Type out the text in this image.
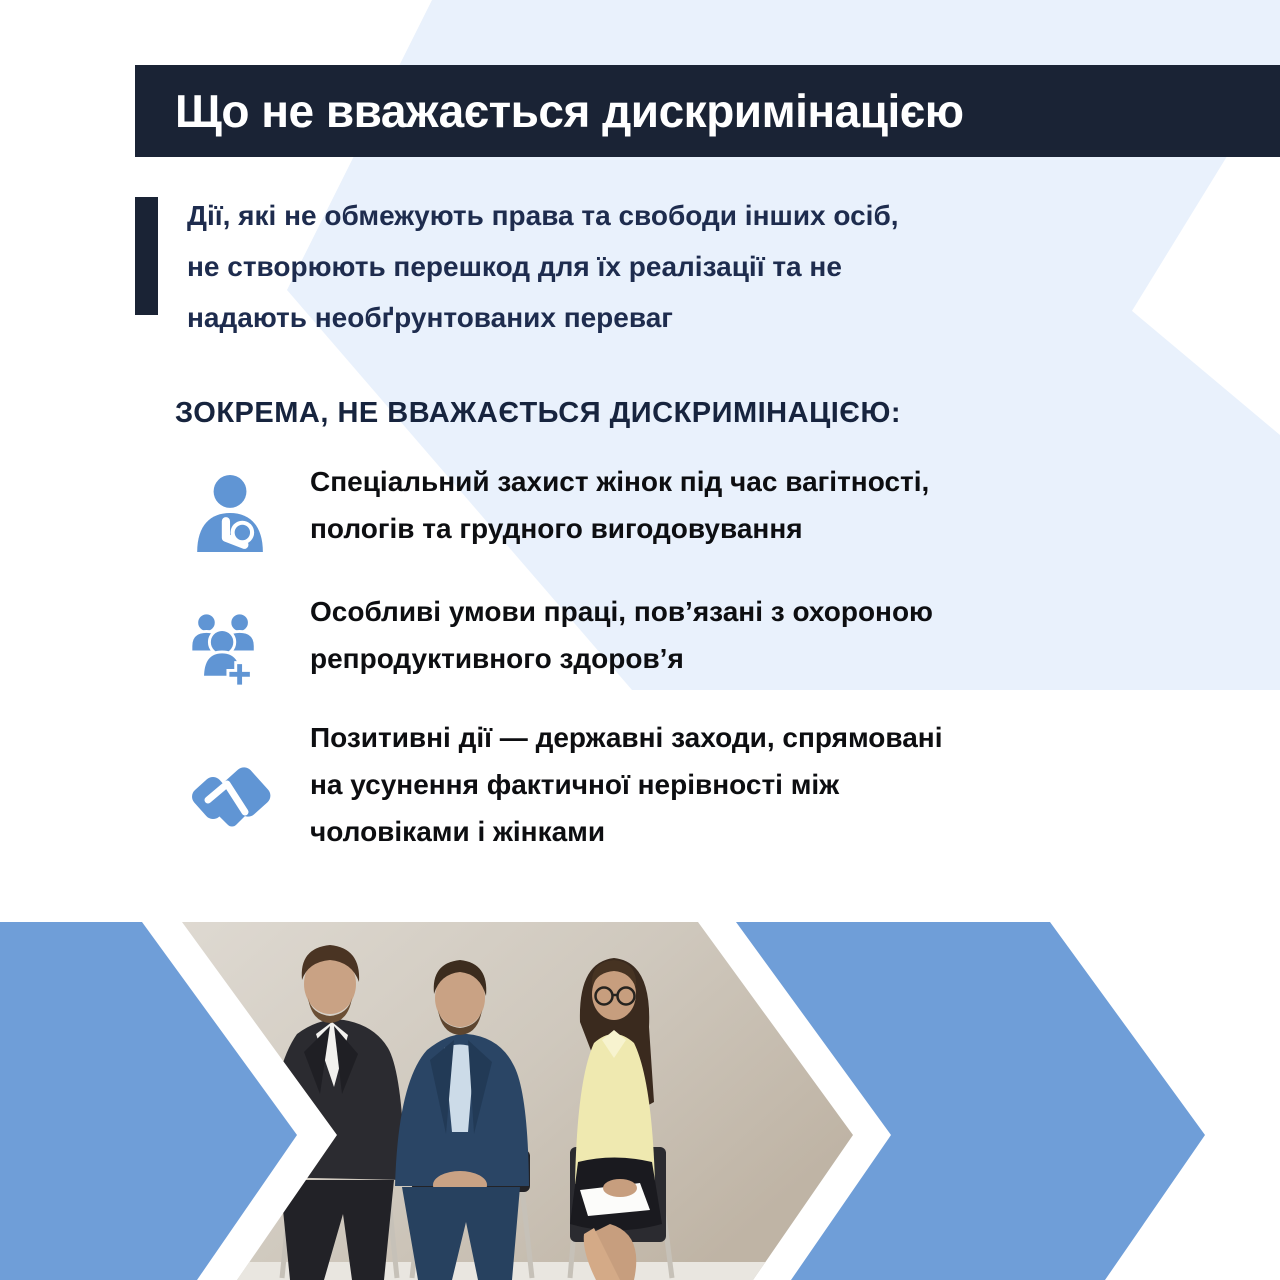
Що не вважається дискримінацією
Дії, які не обмежують права та свободи інших осіб,
не створюють перешкод для їх реалізації та не
надають необґрунтованих переваг
ЗОКРЕМА, НЕ ВВАЖАЄТЬСЯ ДИСКРИМІНАЦІЄЮ:
Спеціальний захист жінок під час вагітності,
пологів та грудного вигодовування
Особливі умови праці, пов’язані з охороною
репродуктивного здоров’я
Позитивні дії — державні заходи, спрямовані
на усунення фактичної нерівності між
чоловіками і жінками
